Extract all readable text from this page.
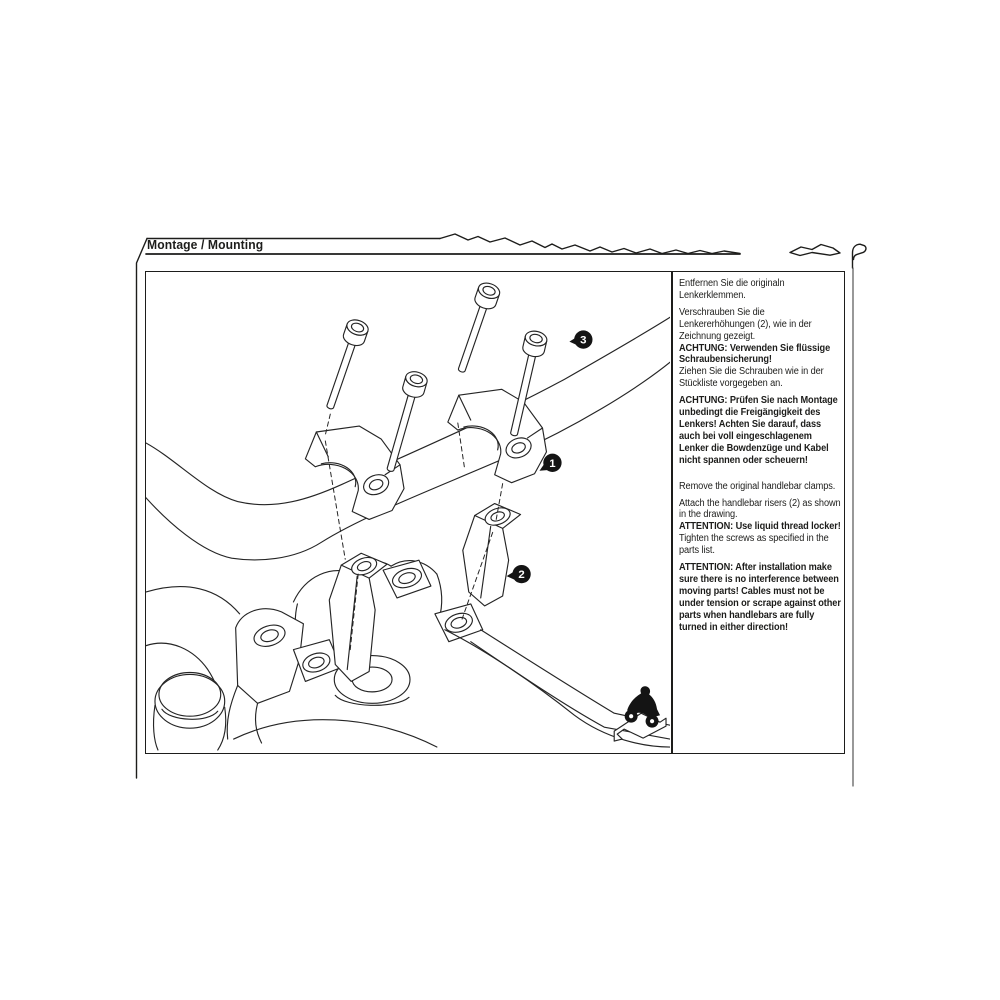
Montage / Mounting
1
2
3

Entfernen Sie die originaln Lenkerklemmen.

Verschrauben Sie die Lenkererhöhungen (2), wie in der Zeichnung gezeigt.

ACHTUNG: Verwenden Sie flüssige Schraubensicherung!

Ziehen Sie die Schrauben wie in der Stückliste vorgegeben an.

ACHTUNG: Prüfen Sie nach Montage unbedingt die Freigängigkeit des Lenkers! Achten Sie darauf, dass auch bei voll eingeschlagenem Lenker die Bowdenzüge und Kabel nicht spannen oder scheuern!

Remove the original handlebar clamps.

Attach the handlebar risers (2) as shown in the drawing.

ATTENTION: Use liquid thread locker!

Tighten the screws as specified in the parts list.

ATTENTION: After installation make sure there is no interference between moving parts! Cables must not be under tension or scrape against other parts when handlebars are fully turned in either direction!
